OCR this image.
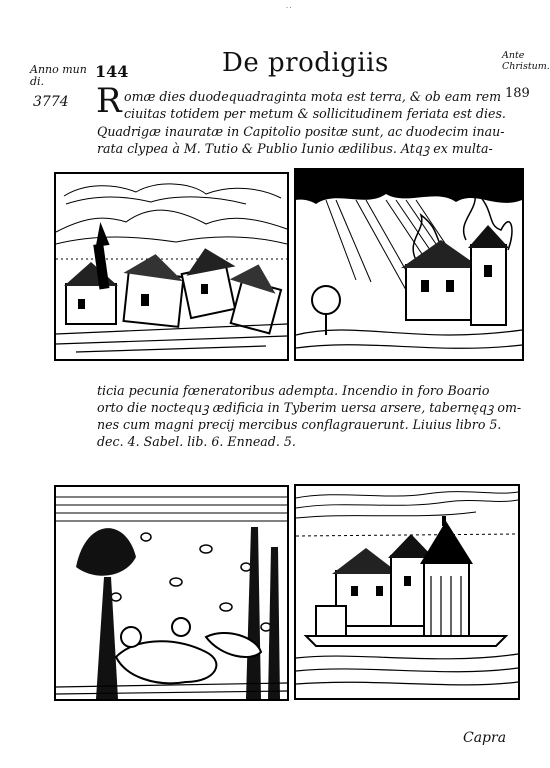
··
Anno mun di.
144	De prodigiis	Ante Christum.
189
3774 R omæ dies duodequadraginta mota est terra, & ob eam rem
ciuitas totidem per metum & sollicitudinem feriata est dies.
Quadrigæ inauratæ in Capitolio positæ sunt, ac duodecim inau-
rata clypea à M. Tutio & Publio Iunio ædilibus. Atqꝫ ex multa-
ticia pecunia fœneratoribus adempta. Incendio in foro Boario
orto die noctequꝫ ædificia in Tyberim uersa arsere, tabernęqꝫ om-
nes cum magni precij mercibus conflagrauerunt. Liuius libro 5.
dec. 4. Sabel. lib. 6. Ennead. 5.
Capra
